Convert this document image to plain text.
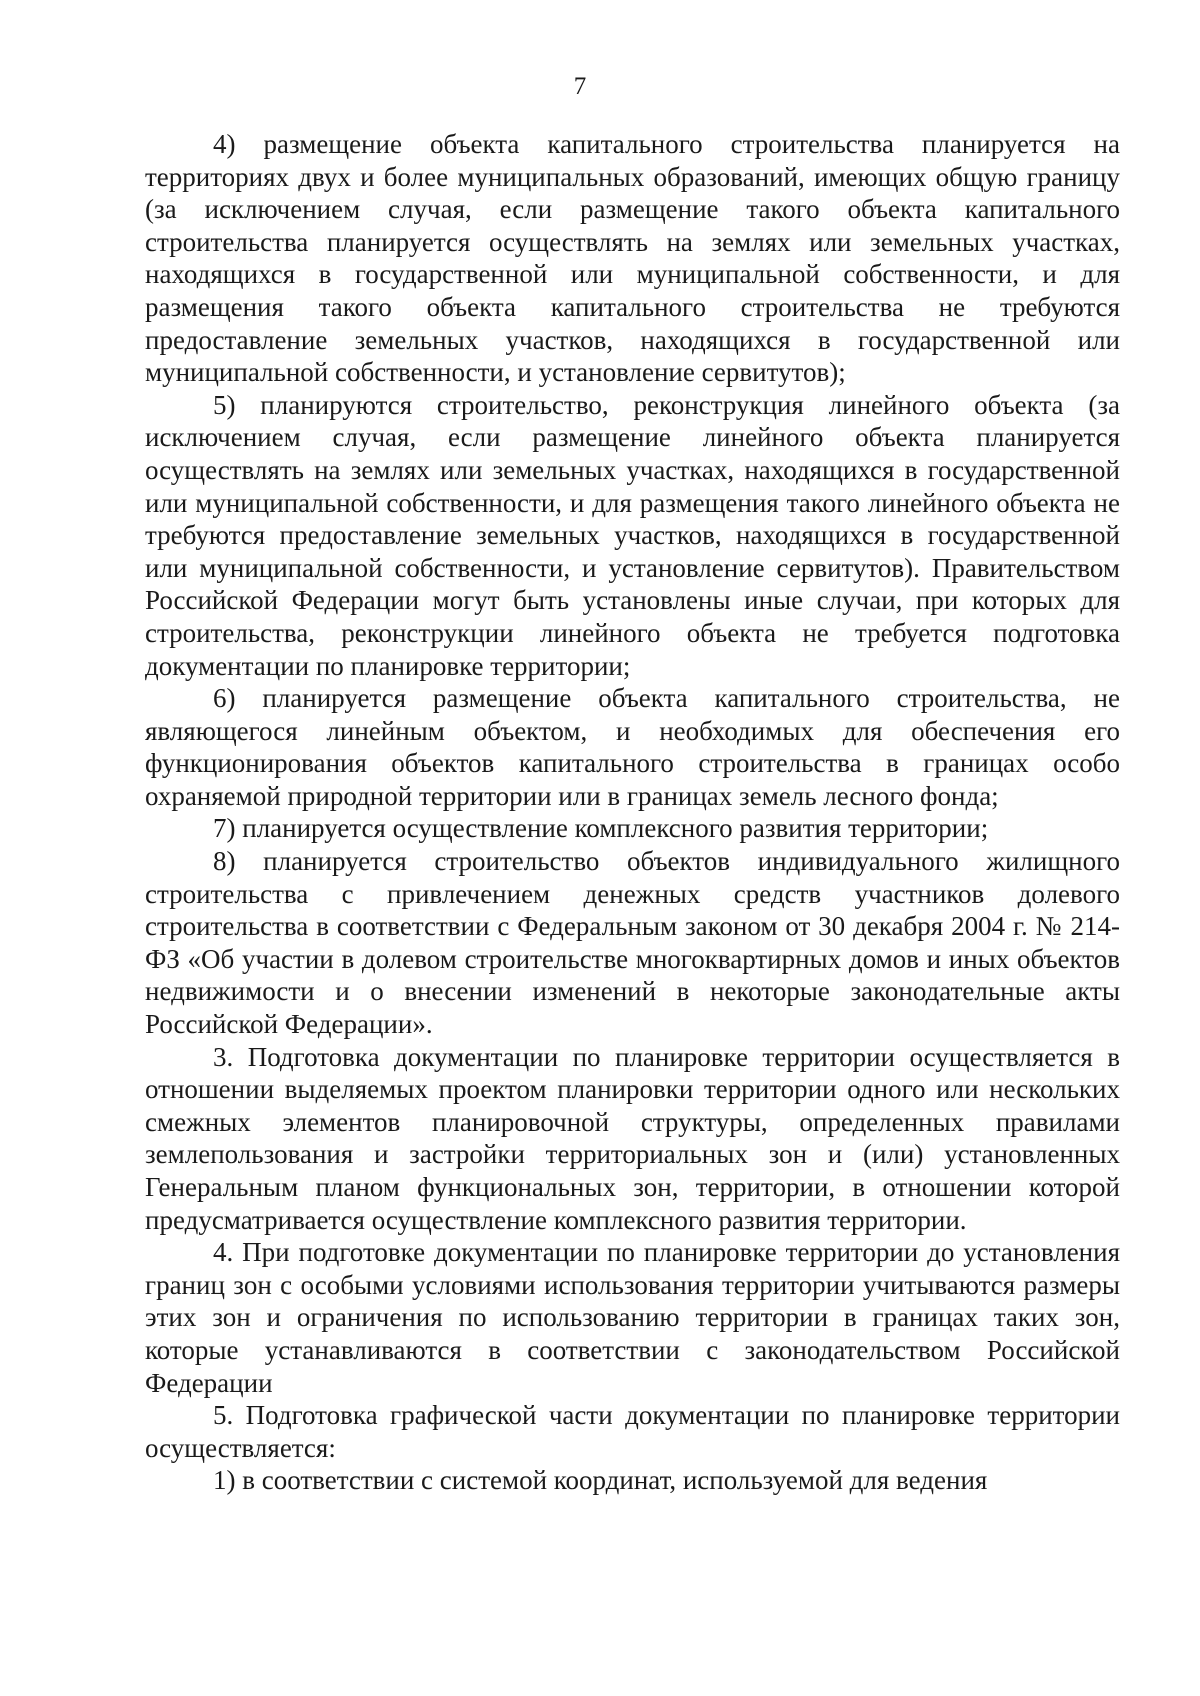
7

4) размещение объекта капитального строительства планируется на территориях двух и более муниципальных образований, имеющих общую границу (за исключением случая, если размещение такого объекта капитального строительства планируется осуществлять на землях или земельных участках, находящихся в государственной или муниципальной собственности, и для размещения такого объекта капитального строительства не требуются предоставление земельных участков, находящихся в государственной или муниципальной собственности, и установление сервитутов);

5) планируются строительство, реконструкция линейного объекта (за исключением случая, если размещение линейного объекта планируется осуществлять на землях или земельных участках, находящихся в государственной или муниципальной собственности, и для размещения такого линейного объекта не требуются предоставление земельных участков, находящихся в государственной или муниципальной собственности, и установление сервитутов). Правительством Российской Федерации могут быть установлены иные случаи, при которых для строительства, реконструкции линейного объекта не требуется подготовка документации по планировке территории;

6) планируется размещение объекта капитального строительства, не являющегося линейным объектом, и необходимых для обеспечения его функционирования объектов капитального строительства в границах особо охраняемой природной территории или в границах земель лесного фонда;

7) планируется осуществление комплексного развития территории;

8) планируется строительство объектов индивидуального жилищного строительства с привлечением денежных средств участников долевого строительства в соответствии с Федеральным законом от 30 декабря 2004 г. № 214-ФЗ «Об участии в долевом строительстве многоквартирных домов и иных объектов недвижимости и о внесении изменений в некоторые законодательные акты Российской Федерации».

3. Подготовка документации по планировке территории осуществляется в отношении выделяемых проектом планировки территории одного или нескольких смежных элементов планировочной структуры, определенных правилами землепользования и застройки территориальных зон и (или) установленных Генеральным планом функциональных зон, территории, в отношении которой предусматривается осуществление комплексного развития территории.

4. При подготовке документации по планировке территории до установления границ зон с особыми условиями использования территории учитываются размеры этих зон и ограничения по использованию территории в границах таких зон, которые устанавливаются в соответствии с законодательством Российской Федерации

5. Подготовка графической части документации по планировке территории осуществляется:

1) в соответствии с системой координат, используемой для ведения
